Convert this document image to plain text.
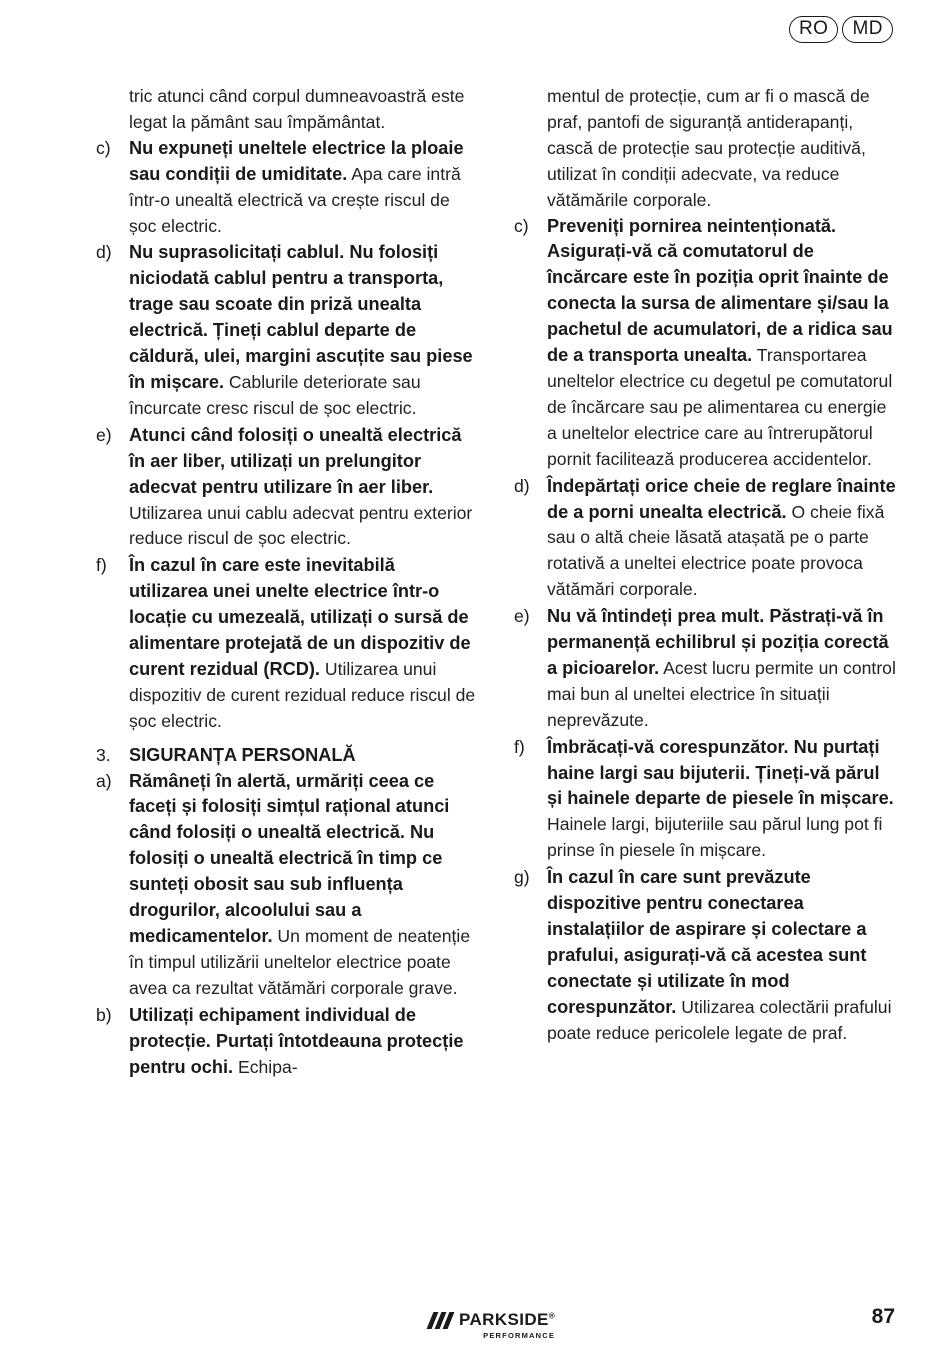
RO	MD
tric atunci când corpul dumneavoastră este legat la pământ sau împământat.
c) Nu expuneți uneltele electrice la ploaie sau condiții de umiditate. Apa care intră într-o unealtă electrică va crește riscul de șoc electric.
d) Nu suprasolicitați cablul. Nu folosiți niciodată cablul pentru a transporta, trage sau scoate din priză unealta electrică. Țineți cablul departe de căldură, ulei, margini ascuțite sau piese în mișcare. Cablurile deteriorate sau încurcate cresc riscul de șoc electric.
e) Atunci când folosiți o unealtă electrică în aer liber, utilizați un prelungitor adecvat pentru utilizare în aer liber. Utilizarea unui cablu adecvat pentru exterior reduce riscul de șoc electric.
f) În cazul în care este inevitabilă utilizarea unei unelte electrice într-o locație cu umezeală, utilizați o sursă de alimentare protejată de un dispozitiv de curent rezidual (RCD). Utilizarea unui dispozitiv de curent rezidual reduce riscul de șoc electric.
3. SIGURANȚA PERSONALĂ
a) Rămâneți în alertă, urmăriți ceea ce faceți și folosiți simțul rațional atunci când folosiți o unealtă electrică. Nu folosiți o unealtă electrică în timp ce sunteți obosit sau sub influența drogurilor, alcoolului sau a medicamentelor. Un moment de neatenție în timpul utilizării uneltelor electrice poate avea ca rezultat vătămări corporale grave.
b) Utilizați echipament individual de protecție. Purtați întotdeauna protecție pentru ochi. Echipa-
mentul de protecție, cum ar fi o mască de praf, pantofi de siguranță antiderapanți, cască de protecție sau protecție auditivă, utilizat în condiții adecvate, va reduce vătămările corporale.
c) Preveniți pornirea neintenționată. Asigurați-vă că comutatorul de încărcare este în poziția oprit înainte de conecta la sursa de alimentare și/sau la pachetul de acumulatori, de a ridica sau de a transporta unealta. Transportarea uneltelor electrice cu degetul pe comutatorul de încărcare sau pe alimentarea cu energie a uneltelor electrice care au întrerupătorul pornit facilitează producerea accidentelor.
d) Îndepărtați orice cheie de reglare înainte de a porni unealta electrică. O cheie fixă sau o altă cheie lăsată atașată pe o parte rotativă a uneltei electrice poate provoca vătămări corporale.
e) Nu vă întindeți prea mult. Păstrați-vă în permanență echilibrul și poziția corectă a picioarelor. Acest lucru permite un control mai bun al uneltei electrice în situații neprevăzute.
f) Îmbrăcați-vă corespunzător. Nu purtați haine largi sau bijuterii. Țineți-vă părul și hainele departe de piesele în mișcare. Hainele largi, bijuteriile sau părul lung pot fi prinse în piesele în mișcare.
g) În cazul în care sunt prevăzute dispozitive pentru conectarea instalațiilor de aspirare și colectare a prafului, asigurați-vă că acestea sunt conectate și utilizate în mod corespunzător. Utilizarea colectării prafului poate reduce pericolele legate de praf.
PARKSIDE®
PERFORMANCE
87
